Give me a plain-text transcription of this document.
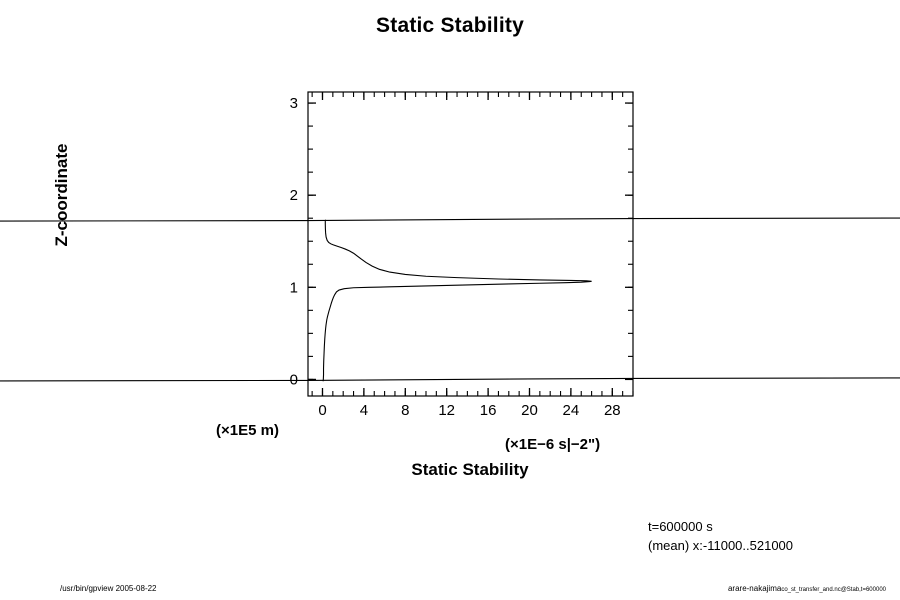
Static Stability
0 4 8 12 16 20 24 28
0
1
2
3
Z-coordinate
(×1E5 m)
(×1E−6 s|−2")
Static Stability
t=600000 s
(mean) x:-11000..521000
/usr/bin/gpview 2005-08-22	arare-nakajimaco_st_transfer_and.nc@Stab,t=600000
